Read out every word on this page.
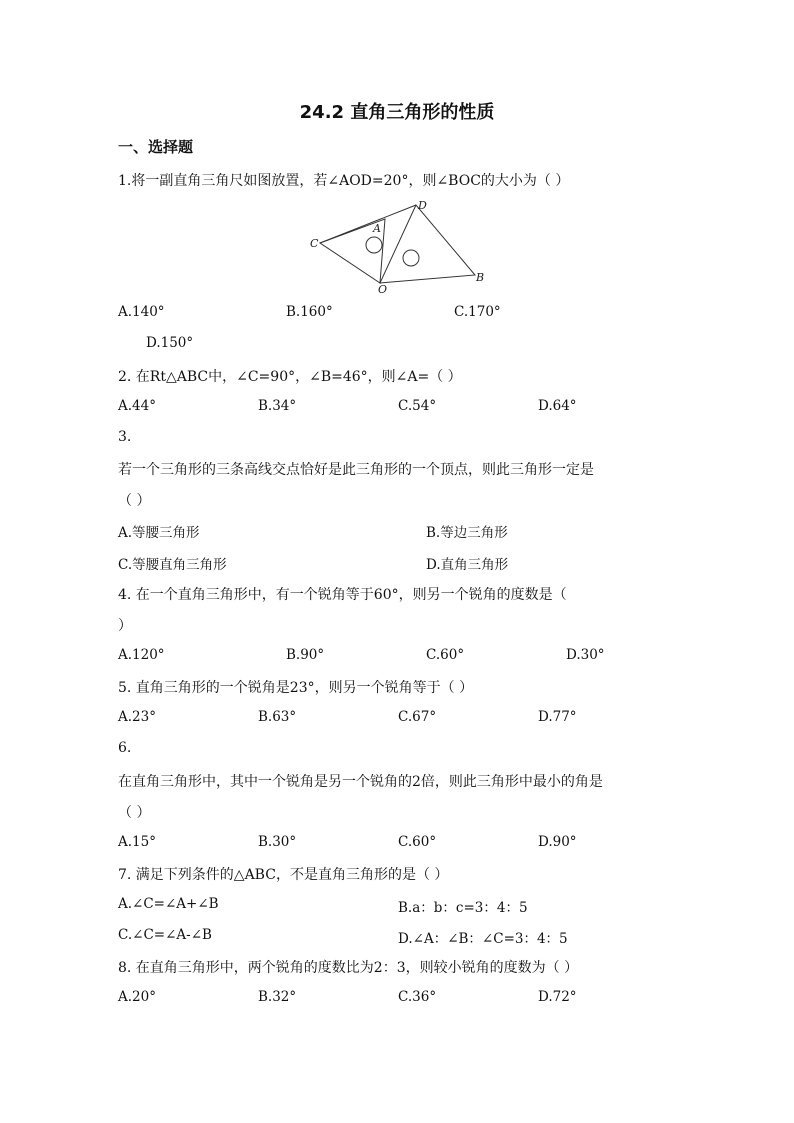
24.2 直角三角形的性质
一、选择题
1.将一副直角三角尺如图放置，若∠AOD=20°，则∠BOC的大小为（ ）
C
A
D
O
B
A.140°	B.160°	C.170°
D.150°
2. 在Rt△ABC中，∠C=90°，∠B=46°，则∠A=（ ）
A.44°	B.34°	C.54°	D.64°
3.
若一个三角形的三条高线交点恰好是此三角形的一个顶点，则此三角形一定是
（ ）
A.等腰三角形	B.等边三角形
C.等腰直角三角形	D.直角三角形
4. 在一个直角三角形中，有一个锐角等于60°，则另一个锐角的度数是（
）
A.120°	B.90°	C.60°	D.30°
5. 直角三角形的一个锐角是23°，则另一个锐角等于（ ）
A.23°	B.63°	C.67°	D.77°
6.
在直角三角形中，其中一个锐角是另一个锐角的2倍，则此三角形中最小的角是
（ ）
A.15°	B.30°	C.60°	D.90°
7. 满足下列条件的△ABC，不是直角三角形的是（ ）
A.∠C=∠A+∠B	B.a：b：c=3：4：5
C.∠C=∠A-∠B	D.∠A：∠B：∠C=3：4：5
8. 在直角三角形中，两个锐角的度数比为2：3，则较小锐角的度数为（ ）
A.20°	B.32°	C.36°	D.72°
